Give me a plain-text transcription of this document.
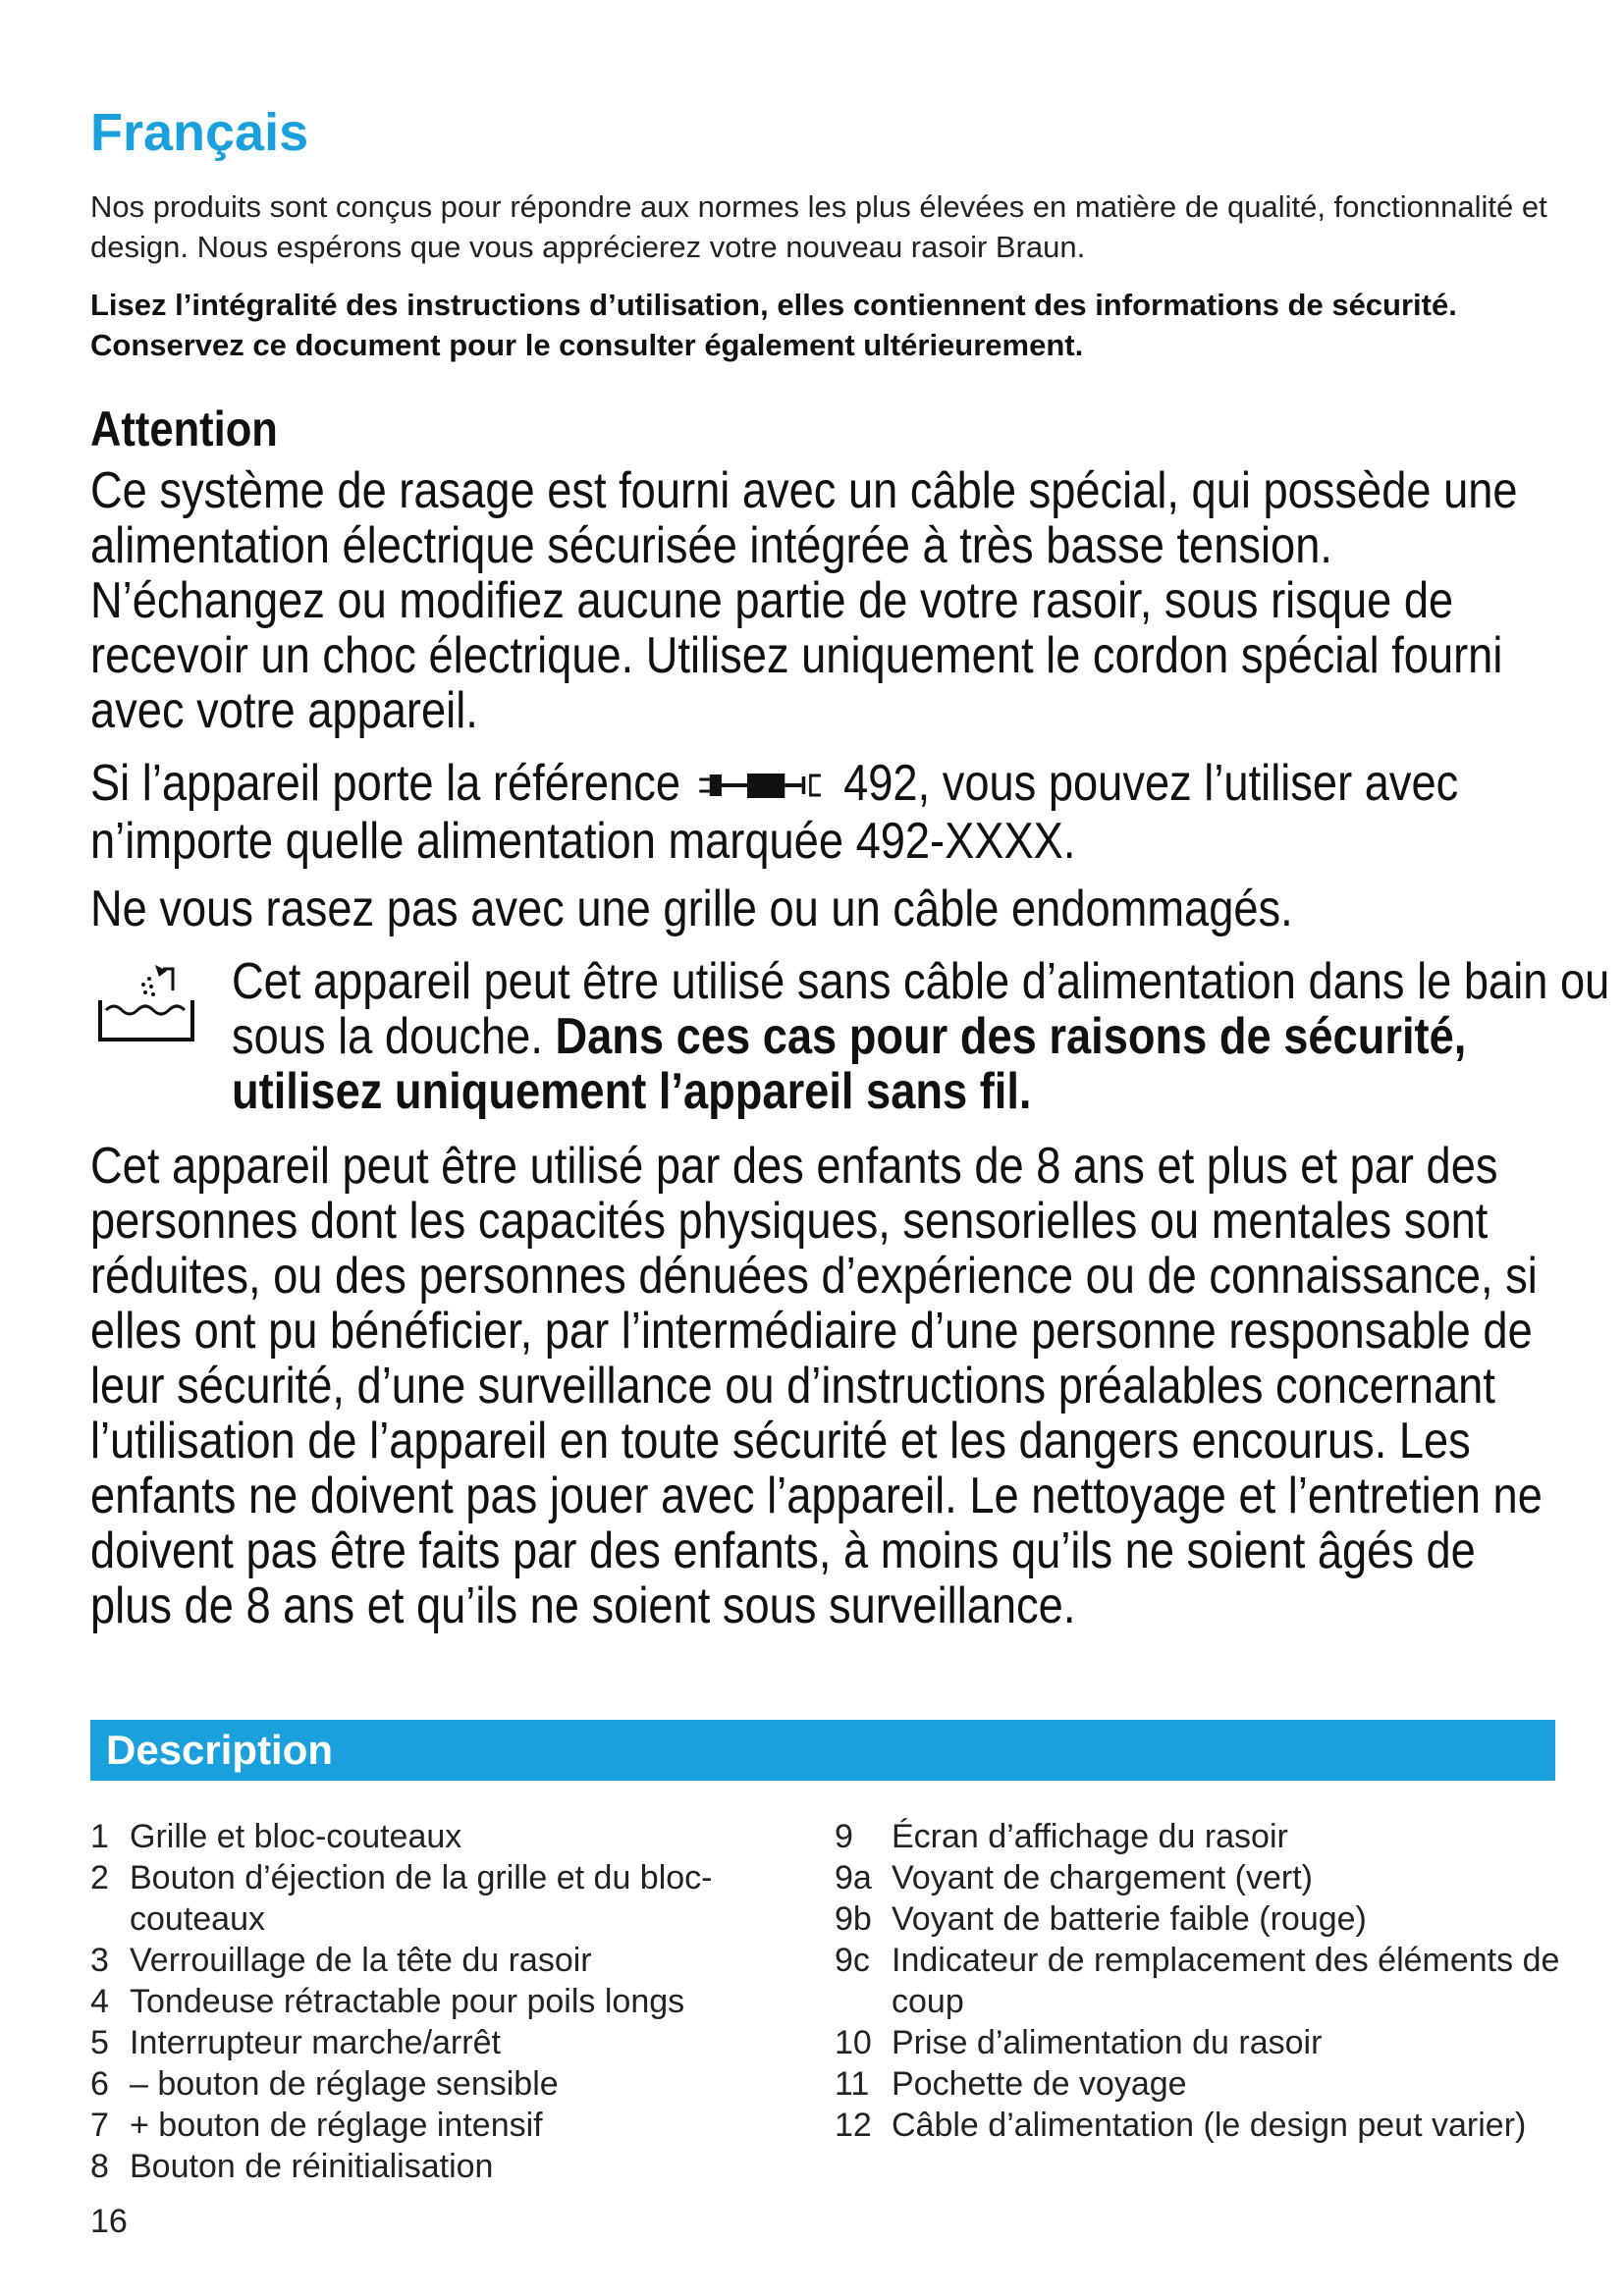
Français

Nos produits sont conçus pour répondre aux normes les plus élevées en matière de qualité, fonctionnalité et design. Nous espérons que vous apprécierez votre nouveau rasoir Braun.

Lisez l’intégralité des instructions d’utilisation, elles contiennent des informations de sécurité. Conservez ce document pour le consulter également ultérieurement.

Attention

Ce système de rasage est fourni avec un câble spécial, qui possède une alimentation électrique sécurisée intégrée à très basse tension. N’échangez ou modifiez aucune partie de votre rasoir, sous risque de recevoir un choc électrique. Utilisez uniquement le cordon spécial fourni avec votre appareil.

Si l’appareil porte la référence	492, vous pouvez l’utiliser avec n’importe quelle alimentation marquée 492-XXXX.

Ne vous rasez pas avec une grille ou un câble endommagés.

Cet appareil peut être utilisé sans câble d’alimentation dans le bain ou sous la douche. Dans ces cas pour des raisons de sécurité, utilisez uniquement l’appareil sans fil.

Cet appareil peut être utilisé par des enfants de 8 ans et plus et par des personnes dont les capacités physiques, sensorielles ou mentales sont réduites, ou des personnes dénuées d’expérience ou de connaissance, si elles ont pu bénéficier, par l’intermédiaire d’une personne responsable de leur sécurité, d’une surveillance ou d’instructions préalables concernant l’utilisation de l’appareil en toute sécurité et les dangers encourus. Les enfants ne doivent pas jouer avec l’appareil. Le nettoyage et l’entretien ne doivent pas être faits par des enfants, à moins qu’ils ne soient âgés de plus de 8 ans et qu’ils ne soient sous surveillance.

Description
1 Grille et bloc-couteaux
2 Bouton d’éjection de la grille et du bloc-couteaux
3 Verrouillage de la tête du rasoir
4 Tondeuse rétractable pour poils longs
5 Interrupteur marche/arrêt
6 – bouton de réglage sensible
7 + bouton de réglage intensif
8 Bouton de réinitialisation
9	Écran d’affichage du rasoir
9a Voyant de chargement (vert)
9b Voyant de batterie faible (rouge)
9c Indicateur de remplacement des éléments de coup
10 Prise d’alimentation du rasoir
11 Pochette de voyage
12 Câble d’alimentation (le design peut varier)

16
